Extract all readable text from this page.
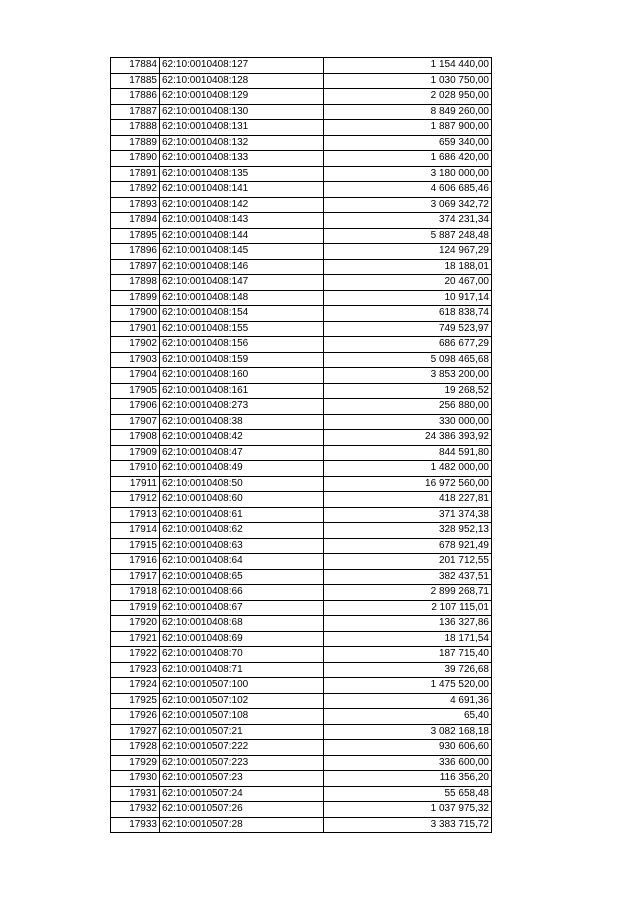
17884	62:10:0010408:127	1 154 440,00
17885	62:10:0010408:128	1 030 750,00
17886	62:10:0010408:129	2 028 950,00
17887	62:10:0010408:130	8 849 260,00
17888	62:10:0010408:131	1 887 900,00
17889	62:10:0010408:132	659 340,00
17890	62:10:0010408:133	1 686 420,00
17891	62:10:0010408:135	3 180 000,00
17892	62:10:0010408:141	4 606 685,46
17893	62:10:0010408:142	3 069 342,72
17894	62:10:0010408:143	374 231,34
17895	62:10:0010408:144	5 887 248,48
17896	62:10:0010408:145	124 967,29
17897	62:10:0010408:146	18 188,01
17898	62:10:0010408:147	20 467,00
17899	62:10:0010408:148	10 917,14
17900	62:10:0010408:154	618 838,74
17901	62:10:0010408:155	749 523,97
17902	62:10:0010408:156	686 677,29
17903	62:10:0010408:159	5 098 465,68
17904	62:10:0010408:160	3 853 200,00
17905	62:10:0010408:161	19 268,52
17906	62:10:0010408:273	256 880,00
17907	62:10:0010408:38	330 000,00
17908	62:10:0010408:42	24 386 393,92
17909	62:10:0010408:47	844 591,80
17910	62:10:0010408:49	1 482 000,00
17911	62:10:0010408:50	16 972 560,00
17912	62:10:0010408:60	418 227,81
17913	62:10:0010408:61	371 374,38
17914	62:10:0010408:62	328 952,13
17915	62:10:0010408:63	678 921,49
17916	62:10:0010408:64	201 712,55
17917	62:10:0010408:65	382 437,51
17918	62:10:0010408:66	2 899 268,71
17919	62:10:0010408:67	2 107 115,01
17920	62:10:0010408:68	136 327,86
17921	62:10:0010408:69	18 171,54
17922	62:10:0010408:70	187 715,40
17923	62:10:0010408:71	39 726,68
17924	62:10:0010507:100	1 475 520,00
17925	62:10:0010507:102	4 691,36
17926	62:10:0010507:108	65,40
17927	62:10:0010507:21	3 082 168,18
17928	62:10:0010507:222	930 606,60
17929	62:10:0010507:223	336 600,00
17930	62:10:0010507:23	116 356,20
17931	62:10:0010507:24	55 658,48
17932	62:10:0010507:26	1 037 975,32
17933	62:10:0010507:28	3 383 715,72
